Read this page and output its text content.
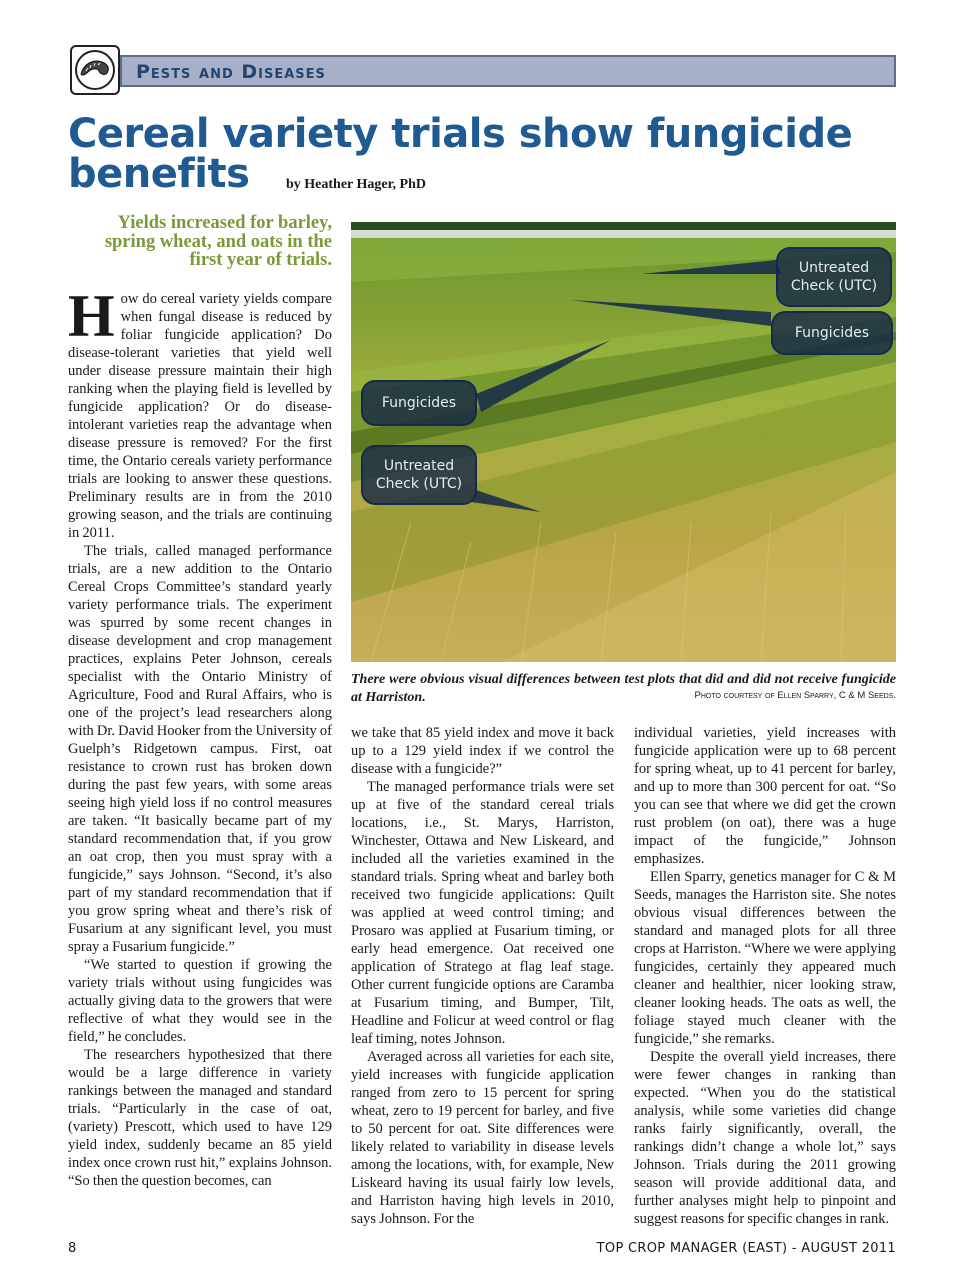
Pests and Diseases
Cereal variety trials show fungicide
benefits	by Heather Hager, PhD
Yields increased for barley,
spring wheat, and oats in the
first year of trials.

How do cereal variety yields compare when fungal disease is reduced by foliar fungicide application? Do disease-tolerant varieties that yield well under disease pressure maintain their high ranking when the playing field is levelled by fungicide application? Or do disease-intolerant varieties reap the advantage when disease pressure is removed? For the first time, the Ontario cereals variety performance trials are looking to answer these questions. Preliminary results are in from the 2010 growing season, and the trials are continuing in 2011.

The trials, called managed performance trials, are a new addition to the Ontario Cereal Crops Committee’s standard yearly variety performance trials. The experiment was spurred by some recent changes in disease development and crop management practices, explains Peter Johnson, cereals specialist with the Ontario Ministry of Agriculture, Food and Rural Affairs, who is one of the project’s lead researchers along with Dr. David Hooker from the University of Guelph’s Ridgetown campus. First, oat resistance to crown rust has broken down during the past few years, with some areas seeing high yield loss if no control measures are taken. “It basically became part of my standard recommendation that, if you grow an oat crop, then you must spray with a fungicide,” says Johnson. “Second, it’s also part of my standard recommendation that if you grow spring wheat and there’s risk of Fusarium at any significant level, you must spray a Fusarium fungicide.”

“We started to question if growing the variety trials without using fungicides was actually giving data to the growers that were reflective of what they would see in the field,” he concludes.

The researchers hypothesized that there would be a large difference in variety rankings between the managed and standard trials. “Particularly in the case of oat, (variety) Prescott, which used to have 129 yield index, suddenly became an 85 yield index once crown rust hit,” explains Johnson. “So then the question becomes, can

Untreated Check (UTC)
Fungicides
Fungicides
Untreated Check (UTC)
There were obvious visual differences between test plots that did and did not receive fungicide at Harriston.	Photo courtesy of Ellen Sparry, C & M Seeds.

we take that 85 yield index and move it back up to a 129 yield index if we control the disease with a fungicide?”

The managed performance trials were set up at five of the standard cereal trials locations, i.e., St. Marys, Harriston, Winchester, Ottawa and New Liskeard, and included all the varieties examined in the standard trials. Spring wheat and barley both received two fungicide applications: Quilt was applied at weed control timing; and Prosaro was applied at Fusarium timing, or early head emergence. Oat received one application of Stratego at flag leaf stage. Other current fungicide options are Caramba at Fusarium timing, and Bumper, Tilt, Headline and Folicur at weed control or flag leaf timing, notes Johnson.

Averaged across all varieties for each site, yield increases with fungicide application ranged from zero to 15 percent for spring wheat, zero to 19 percent for barley, and five to 50 percent for oat. Site differences were likely related to variability in disease levels among the locations, with, for example, New Liskeard having its usual fairly low levels, and Harriston having high levels in 2010, says Johnson. For the

individual varieties, yield increases with fungicide application were up to 68 percent for spring wheat, up to 41 percent for barley, and up to more than 300 percent for oat. “So you can see that where we did get the crown rust problem (on oat), there was a huge impact of the fungicide,” Johnson emphasizes.

Ellen Sparry, genetics manager for C & M Seeds, manages the Harriston site. She notes obvious visual differences between the standard and managed plots for all three crops at Harriston. “Where we were applying fungicides, certainly they appeared much cleaner and healthier, nicer looking straw, cleaner looking heads. The oats as well, the foliage stayed much cleaner with the fungicide,” she remarks.

Despite the overall yield increases, there were fewer changes in ranking than expected. “When you do the statistical analysis, while some varieties did change ranks fairly significantly, overall, the rankings didn’t change a whole lot,” says Johnson. Trials during the 2011 growing season will provide additional data, and further analyses might help to pinpoint and suggest reasons for specific changes in rank.

8	TOP CROP MANAGER (EAST) - AUGUST 2011
